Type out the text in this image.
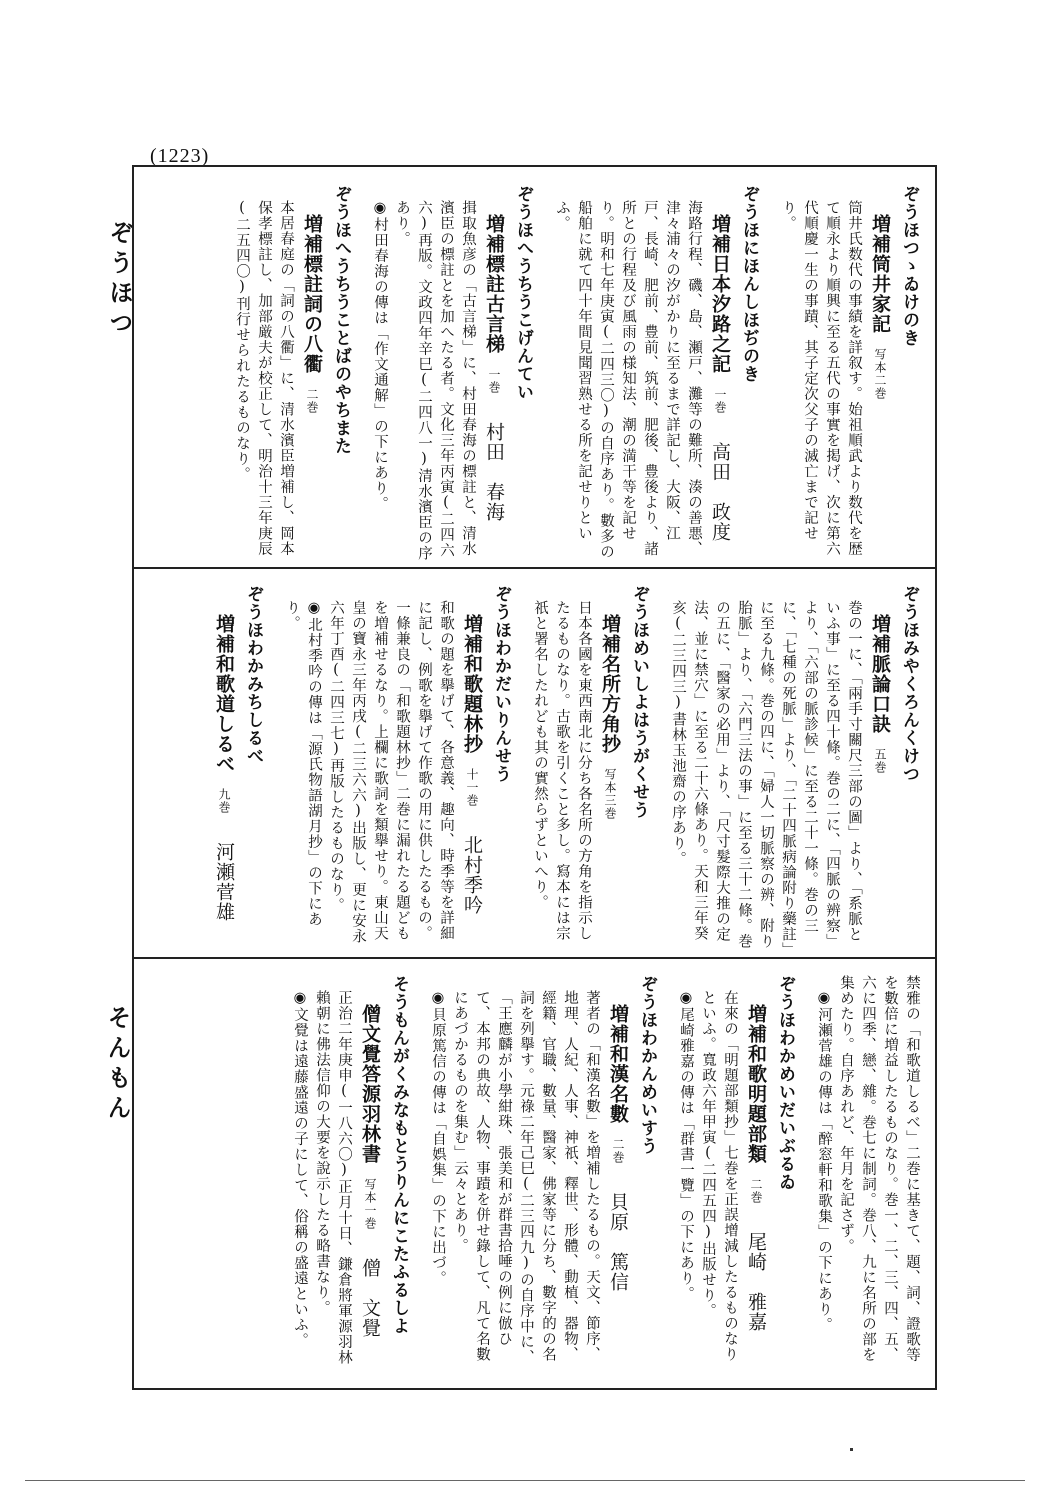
(1223)
ぞうほつ
そんもん
ぞうほつゝゐけのき
増補筒井家記写本二巻
筒井氏数代の事績を詳叙す。始祖順武より数代を歴て順永より順興に至る五代の事實を掲げ、次に第六代順慶一生の事蹟、其子定次父子の滅亡まで記せり。
ぞうほにほんしほぢのき
増補日本汐路之記一巻高田　政度
海路行程、磯、島、瀬戸、灘等の難所、湊の善悪、津々浦々の汐がかりに至るまで詳記し、大阪、江戸、長崎、肥前、豊前、筑前、肥後、豊後より、諸所との行程及び風雨の様知法、潮の満干等を記せり。明和七年庚寅(二四三〇)の自序あり。數多の船舶に就て四十年間見聞習熟せる所を記せりといふ。
ぞうほへうちうこげんてい
増補標註古言梯一巻村田　春海
揖取魚彦の「古言梯」に、村田春海の標註と、清水濱臣の標註とを加へたる者。文化三年丙寅(二四六六)再版。文政四年辛巳(二四八一)清水濱臣の序あり。
◉村田春海の傳は「作文通解」の下にあり。
ぞうほへうちうことばのやちまた
増補標註詞の八衢二巻
本居春庭の「詞の八衢」に、清水濱臣増補し、岡本保孝標註し、加部厳夫が校正して、明治十三年庚辰(二五四〇)刊行せられたるものなり。
ぞうほみやくろんくけつ
増補脈論口訣五巻
巻の一に、「兩手寸關尺三部の圖」より、「系脈といふ事」に至る四十條。巻の二に、「四脈の辨察」より、「六部の脈診候」に至る二十一條。巻の三に、「七種の死脈」より、「二十四脈病論附り藥註」に至る九條。巻の四に、「婦人一切脈察の辨、附り胎脈」より、「六門三法の事」に至る三十二條。巻の五に、「醫家の必用」より、「尺寸髮際大推の定法、並に禁穴」に至る二十六條あり。天和三年癸亥(二三四三)書林玉池齋の序あり。
ぞうほめいしよはうがくせう
増補名所方角抄写本三巻
日本各國を東西南北に分ち各名所の方角を指示したるものなり。古歌を引くこと多し。寫本には宗祇と署名したれども其の實然らずといへり。
ぞうほわかだいりんせう
増補和歌題林抄十一巻北村季吟
和歌の題を擧げて、各意義、趣向、時季等を詳細に記し、例歌を擧げて作歌の用に供したるもの。一條兼良の「和歌題林抄」二巻に漏れたる題どもを増補せるなり。上欄に歌詞を類擧せり。東山天皇の寶永三年丙戌(二三六六)出版し、更に安永六年丁酉(二四三七)再版したるものなり。
◉北村季吟の傳は「源氏物語湖月抄」の下にあり。
ぞうほわかみちしるべ
増補和歌道しるべ九巻河瀬菅雄
禁雅の「和歌道しるべ」二巻に基きて、題、詞、證歌等を數倍に増益したるものなり。巻一、二、三、四、五、六に四季、戀、雜。巻七に制詞。巻八、九に名所の部を集めたり。自序あれど、年月を記さず。
◉河瀬菅雄の傳は「醉窓軒和歌集」の下にあり。
ぞうほわかめいだいぶるゐ
増補和歌明題部類二巻尾崎　雅嘉
在來の「明題部類抄」七巻を正誤增減したるものなりといふ。寬政六年甲寅(二四五四)出版せり。
◉尾崎雅嘉の傳は「群書一覽」の下にあり。
ぞうほわかんめいすう
増補和漢名數二巻貝原　篤信
著者の「和漢名數」を増補したるもの。天文、節序、地理、人紀、人事、神祇、釋世、形體、動植、器物、經籍、官職、數量、醫家、佛家等に分ち、數字的の名詞を列擧す。元祿二年己巳(二三四九)の自序中に、「王應麟が小學紺珠、張美和が群書拾唾の例に倣ひて、本邦の典故、人物、事蹟を併せ錄して、凡て名數にあづかるものを集む」云々とあり。
◉貝原篤信の傳は「自娯集」の下に出づ。
そうもんがくみなもとうりんにこたふるしよ
僧文覺答源羽林書写本一巻僧　文覺
正治二年庚申(一八六〇)正月十日、鎌倉將軍源羽林賴朝に佛法信仰の大要を說示したる略書なり。
◉文覺は遠藤盛遠の子にして、俗稱の盛遠といふ。
